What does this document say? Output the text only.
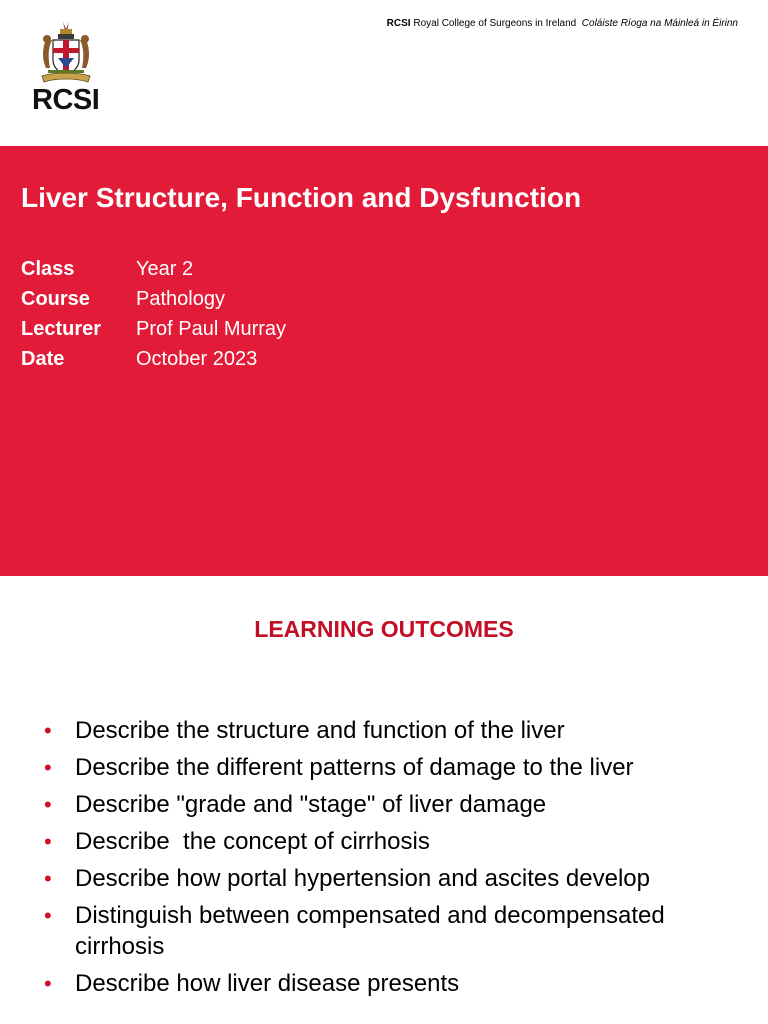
RCSI
RCSI Royal College of Surgeons in Ireland Coláiste Ríoga na Máinleá in Éirinn
Liver Structure, Function and Dysfunction
Class	Year 2
Course Pathology
Lecturer Prof Paul Murray
Date	October 2023
LEARNING OUTCOMES
• Describe the structure and function of the liver
• Describe the different patterns of damage to the liver
• Describe "grade and "stage" of liver damage
• Describe  the concept of cirrhosis
• Describe how portal hypertension and ascites develop
• Distinguish between compensated and decompensated cirrhosis
• Describe how liver disease presents
